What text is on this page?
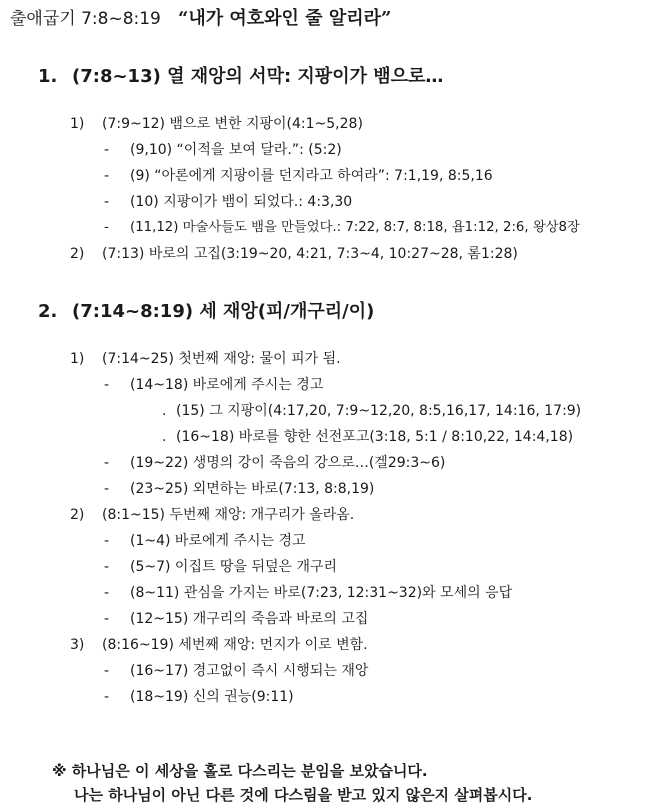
출애굽기 7:8~8:19 “내가 여호와인 줄 알리라”
1. (7:8~13) 열 재앙의 서막: 지팡이가 뱀으로…
1) (7:9~12) 뱀으로 변한 지팡이(4:1~5,28)
- (9,10) “이적을 보여 달라.”: (5:2)
- (9) “아론에게 지팡이를 던지라고 하여라”: 7:1,19, 8:5,16
- (10) 지팡이가 뱀이 되었다.: 4:3,30
- (11,12) 마술사들도 뱀을 만들었다.: 7:22, 8:7, 8:18, 욥1:12, 2:6, 왕상8장
2) (7:13) 바로의 고집(3:19~20, 4:21, 7:3~4, 10:27~28, 롬1:28)
2. (7:14~8:19) 세 재앙(피/개구리/이)
1) (7:14~25) 첫번째 재앙: 물이 피가 됨.
- (14~18) 바로에게 주시는 경고
. (15) 그 지팡이(4:17,20, 7:9~12,20, 8:5,16,17, 14:16, 17:9)
. (16~18) 바로를 향한 선전포고(3:18, 5:1 / 8:10,22, 14:4,18)
- (19~22) 생명의 강이 죽음의 강으로…(겔29:3~6)
- (23~25) 외면하는 바로(7:13, 8:8,19)
2) (8:1~15) 두번째 재앙: 개구리가 올라옴.
- (1~4) 바로에게 주시는 경고
- (5~7) 이집트 땅을 뒤덮은 개구리
- (8~11) 관심을 가지는 바로(7:23, 12:31~32)와 모세의 응답
- (12~15) 개구리의 죽음과 바로의 고집
3) (8:16~19) 세번째 재앙: 먼지가 이로 변함.
- (16~17) 경고없이 즉시 시행되는 재앙
- (18~19) 신의 권능(9:11)
※ 하나님은 이 세상을 홀로 다스리는 분임을 보았습니다.
나는 하나님이 아닌 다른 것에 다스림을 받고 있지 않은지 살펴봅시다.
